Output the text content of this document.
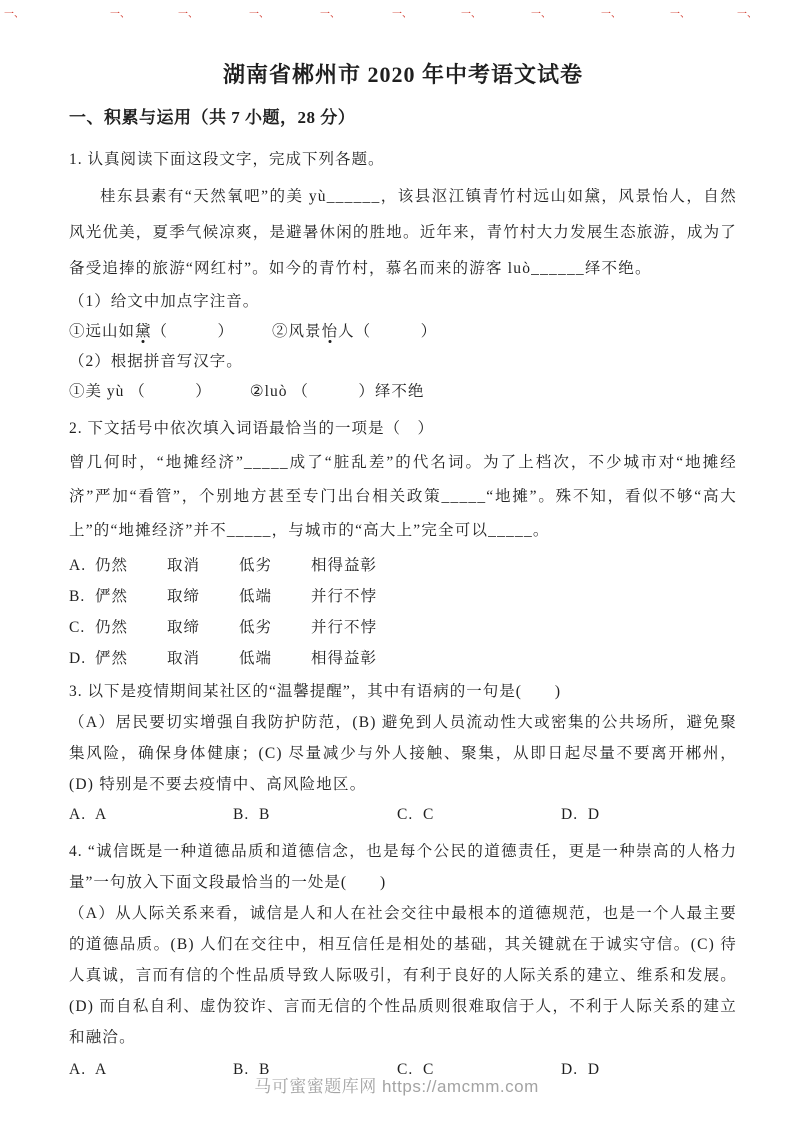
一、	一、	一、	一、	一、	一、	一、	一、	一、	一、	一、
湖南省郴州市 2020 年中考语文试卷
一、积累与运用（共 7 小题，28 分）

1. 认真阅读下面这段文字，完成下列各题。

桂东县素有“天然氧吧”的美 yù______，该县沤江镇青竹村远山如黛，风景怡人，自然风光优美，夏季气候凉爽，是避暑休闲的胜地。近年来，青竹村大力发展生态旅游，成为了备受追捧的旅游“网红村”。如今的青竹村，慕名而来的游客 luò______绎不绝。

（1）给文中加点字注音。

①远山如黛（　　　） ②风景怡人（　　　）

（2）根据拼音写汉字。

①美 yù （　　　） ②luò （　　　）绎不绝

2. 下文括号中依次填入词语最恰当的一项是（　）

曾几何时，“地摊经济”_____成了“脏乱差”的代名词。为了上档次，不少城市对“地摊经济”严加“看管”，个别地方甚至专门出台相关政策_____“地摊”。殊不知，看似不够“高大上”的“地摊经济”并不_____，与城市的“高大上”完全可以_____。

A. 仍然	取消	低劣	相得益彰
B. 俨然	取缔	低端	并行不悖
C. 仍然	取缔	低劣	并行不悖
D. 俨然	取消	低端	相得益彰

3. 以下是疫情期间某社区的“温馨提醒”，其中有语病的一句是(　　)

（A）居民要切实增强自我防护防范，(B) 避免到人员流动性大或密集的公共场所，避免聚集风险，确保身体健康；(C) 尽量减少与外人接触、聚集，从即日起尽量不要离开郴州，(D) 特别是不要去疫情中、高风险地区。

A.  A	B.  B	C.  C	D.  D

4. “诚信既是一种道德品质和道德信念，也是每个公民的道德责任，更是一种崇高的人格力量”一句放入下面文段最恰当的一处是(　　)

（A）从人际关系来看，诚信是人和人在社会交往中最根本的道德规范，也是一个人最主要的道德品质。(B) 人们在交往中，相互信任是相处的基础，其关键就在于诚实守信。(C) 待人真诚，言而有信的个性品质导致人际吸引，有利于良好的人际关系的建立、维系和发展。(D) 而自私自利、虚伪狡诈、言而无信的个性品质则很难取信于人，不利于人际关系的建立和融洽。

A.  A	B.  B	C.  C	D.  D
马可蜜蜜题库网 https://amcmm.com
